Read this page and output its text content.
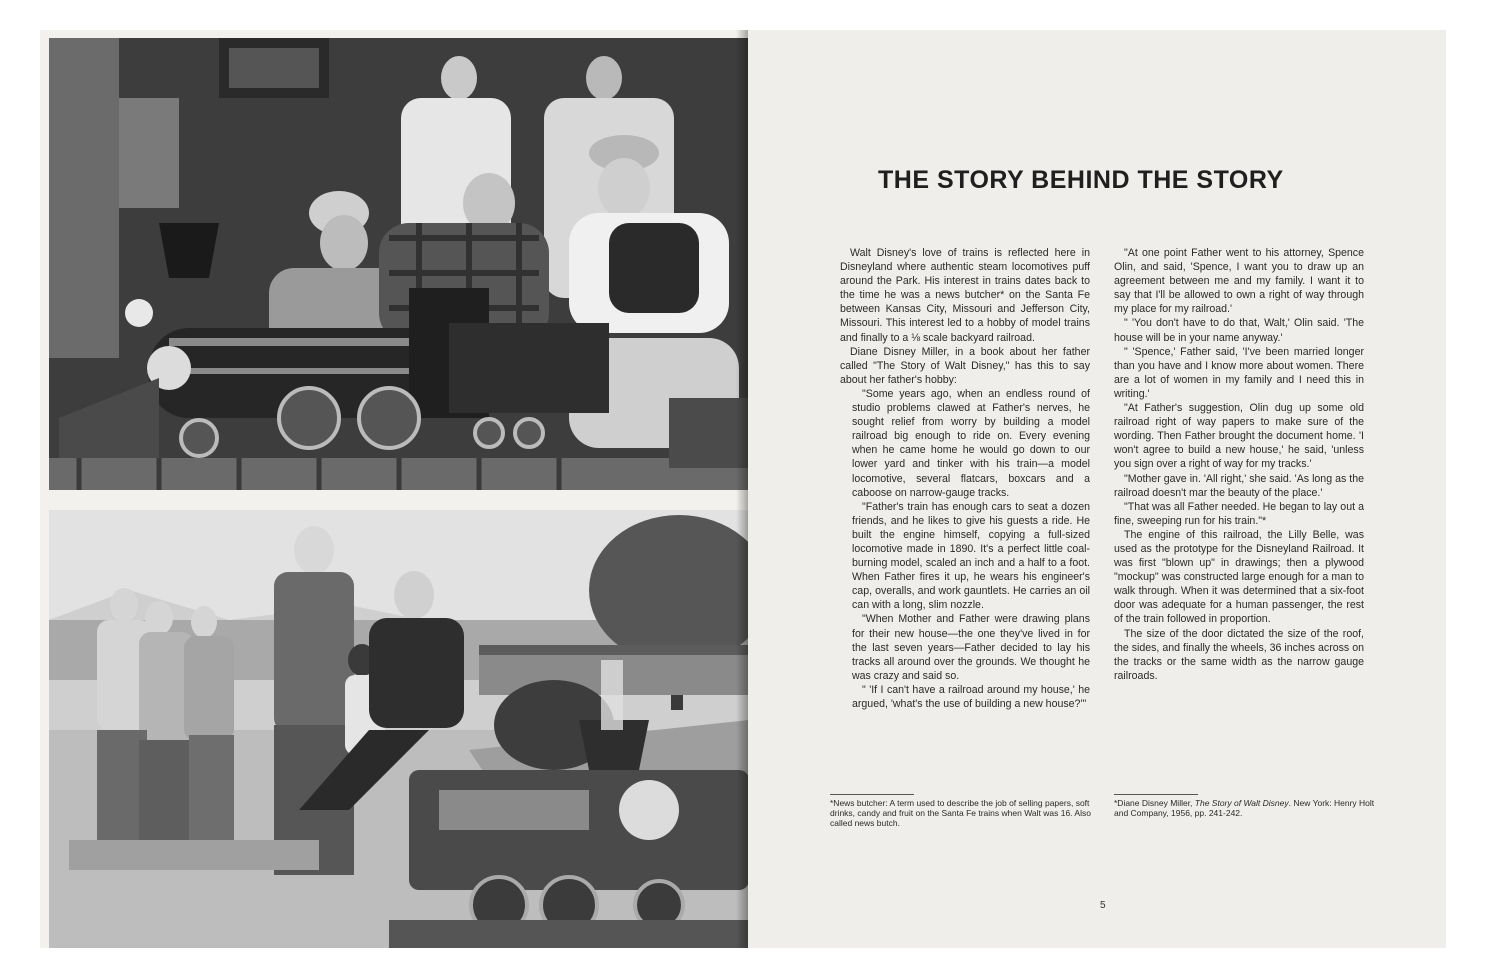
THE STORY BEHIND THE STORY

Walt Disney's love of trains is reflected here in Disneyland where authentic steam locomotives puff around the Park. His interest in trains dates back to the time he was a news butcher* on the Santa Fe between Kansas City, Missouri and Jefferson City, Missouri. This interest led to a hobby of model trains and finally to a ⅛ scale backyard railroad.

Diane Disney Miller, in a book about her father called "The Story of Walt Disney," has this to say about her father's hobby:

"Some years ago, when an endless round of studio problems clawed at Father's nerves, he sought relief from worry by building a model railroad big enough to ride on. Every evening when he came home he would go down to our lower yard and tinker with his train—a model locomotive, several flatcars, boxcars and a caboose on narrow-gauge tracks.

"Father's train has enough cars to seat a dozen friends, and he likes to give his guests a ride. He built the engine himself, copying a full-sized locomotive made in 1890. It's a perfect little coal-burning model, scaled an inch and a half to a foot. When Father fires it up, he wears his engineer's cap, overalls, and work gauntlets. He carries an oil can with a long, slim nozzle.

"When Mother and Father were drawing plans for their new house—the one they've lived in for the last seven years—Father decided to lay his tracks all around over the grounds. We thought he was crazy and said so.

" 'If I can't have a railroad around my house,' he argued, 'what's the use of building a new house?'"

"At one point Father went to his attorney, Spence Olin, and said, 'Spence, I want you to draw up an agreement between me and my family. I want it to say that I'll be allowed to own a right of way through my place for my railroad.'

" 'You don't have to do that, Walt,' Olin said. 'The house will be in your name anyway.'

" 'Spence,' Father said, 'I've been married longer than you have and I know more about women. There are a lot of women in my family and I need this in writing.'

"At Father's suggestion, Olin dug up some old railroad right of way papers to make sure of the wording. Then Father brought the document home. 'I won't agree to build a new house,' he said, 'unless you sign over a right of way for my tracks.'

"Mother gave in. 'All right,' she said. 'As long as the railroad doesn't mar the beauty of the place.'

"That was all Father needed. He began to lay out a fine, sweeping run for his train."*

The engine of this railroad, the Lilly Belle, was used as the prototype for the Disneyland Railroad. It was first "blown up" in drawings; then a plywood "mockup" was constructed large enough for a man to walk through. When it was determined that a six-foot door was adequate for a human passenger, the rest of the train followed in proportion.

The size of the door dictated the size of the roof, the sides, and finally the wheels, 36 inches across on the tracks or the same width as the narrow gauge railroads.

*News butcher: A term used to describe the job of selling papers, soft drinks, candy and fruit on the Santa Fe trains when Walt was 16. Also called news butch.
*Diane Disney Miller, The Story of Walt Disney. New York: Henry Holt and Company, 1956, pp. 241-242.
5
